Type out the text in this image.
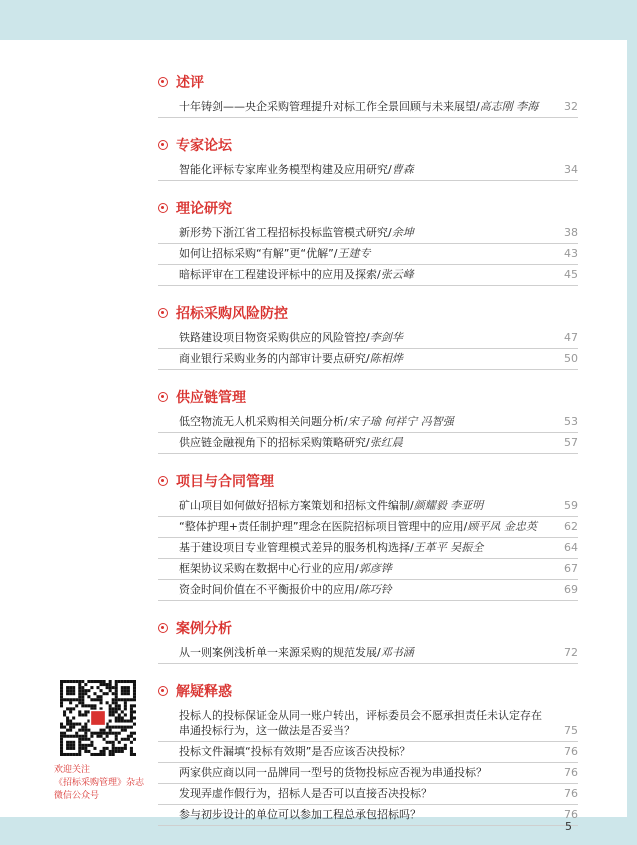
述评
十年铸剑——央企采购管理提升对标工作全景回顾与未来展望/高志刚 李海	32
专家论坛
智能化评标专家库业务模型构建及应用研究/曹森	34
理论研究
新形势下浙江省工程招标投标监管模式研究/余坤	38
如何让招标采购“有解”更“优解”/王建专	43
暗标评审在工程建设评标中的应用及探索/张云峰	45
招标采购风险防控
铁路建设项目物资采购供应的风险管控/李剑华	47
商业银行采购业务的内部审计要点研究/陈相烨	50
供应链管理
低空物流无人机采购相关问题分析/宋子瑜 何祥宁 冯智强	53
供应链金融视角下的招标采购策略研究/张红晨	57
项目与合同管理
矿山项目如何做好招标方案策划和招标文件编制/颜耀毅 李亚明	59
“整体护理+责任制护理”理念在医院招标项目管理中的应用/顾平凤 金忠英	62
基于建设项目专业管理模式差异的服务机构选择/王革平 吴振全	64
框架协议采购在数据中心行业的应用/郭彦铧	67
资金时间价值在不平衡报价中的应用/陈巧铃	69
案例分析
从一则案例浅析单一来源采购的规范发展/邓书涵	72
解疑释惑
投标人的投标保证金从同一账户转出，评标委员会不愿承担责任未认定存在串通投标行为，这一做法是否妥当？	75
投标文件漏填“投标有效期”是否应该否决投标？	76
两家供应商以同一品牌同一型号的货物投标应否视为串通投标？	76
发现弄虚作假行为，招标人是否可以直接否决投标？	76
参与初步设计的单位可以参加工程总承包招标吗？	76
欢迎关注
《招标采购管理》杂志
微信公众号
5
